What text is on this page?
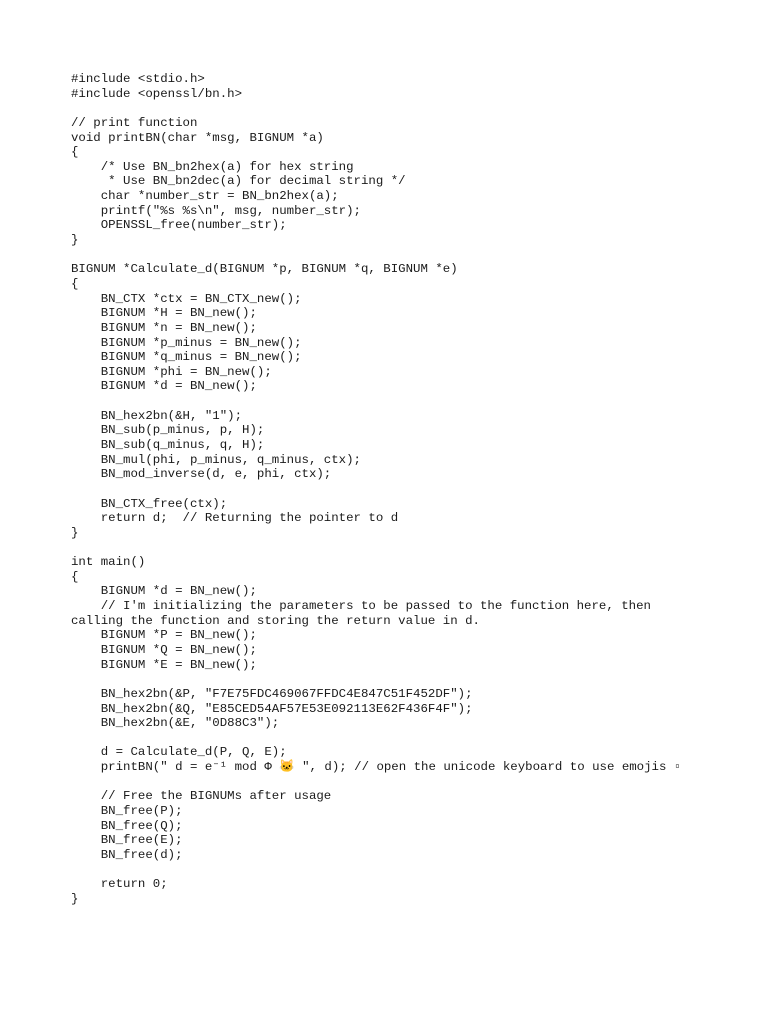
#include <stdio.h>
#include <openssl/bn.h>
// print function
void printBN(char *msg, BIGNUM *a)
{
/* Use BN_bn2hex(a) for hex string
* Use BN_bn2dec(a) for decimal string */
char *number_str = BN_bn2hex(a);
printf("%s %s\n", msg, number_str);
OPENSSL_free(number_str);
}
BIGNUM *Calculate_d(BIGNUM *p, BIGNUM *q, BIGNUM *e)
{
BN_CTX *ctx = BN_CTX_new();
BIGNUM *H = BN_new();
BIGNUM *n = BN_new();
BIGNUM *p_minus = BN_new();
BIGNUM *q_minus = BN_new();
BIGNUM *phi = BN_new();
BIGNUM *d = BN_new();
BN_hex2bn(&H, "1");
BN_sub(p_minus, p, H);
BN_sub(q_minus, q, H);
BN_mul(phi, p_minus, q_minus, ctx);
BN_mod_inverse(d, e, phi, ctx);
BN_CTX_free(ctx);
return d;  // Returning the pointer to d
}
int main()
{
BIGNUM *d = BN_new();
// I'm initializing the parameters to be passed to the function here, then
calling the function and storing the return value in d.
BIGNUM *P = BN_new();
BIGNUM *Q = BN_new();
BIGNUM *E = BN_new();
BN_hex2bn(&P, "F7E75FDC469067FFDC4E847C51F452DF");
BN_hex2bn(&Q, "E85CED54AF57E53E092113E62F436F4F");
BN_hex2bn(&E, "0D88C3");
d = Calculate_d(P, Q, E);
printBN(" d = e⁻¹ mod Φ 🐱 ", d); // open the unicode keyboard to use emojis ▫
// Free the BIGNUMs after usage
BN_free(P);
BN_free(Q);
BN_free(E);
BN_free(d);
return 0;
}
